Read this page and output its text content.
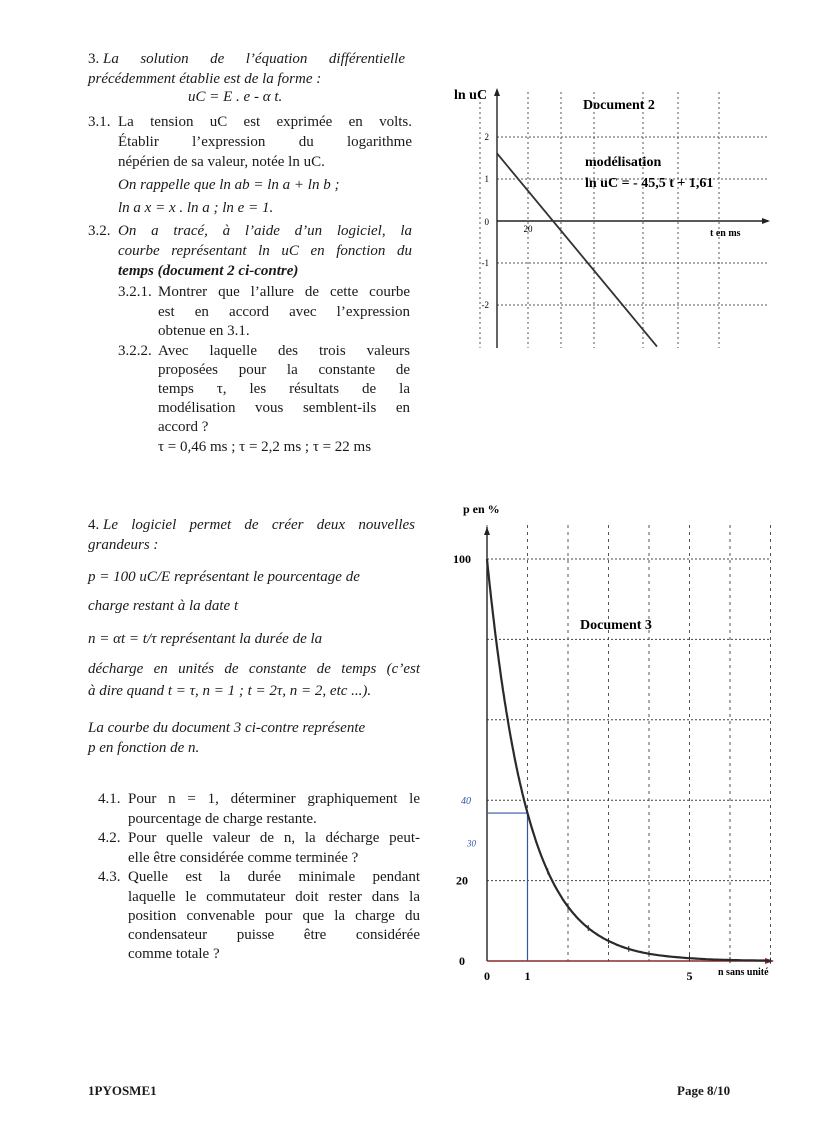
3. La solution de l’équation différentielle
précédemment établie est de la forme :
uC = E . e - α t.
3.1. La tension uC est exprimée en volts.
Établir l’expression du logarithme
népérien de sa valeur, notée ln uC.
On rappelle que ln ab = ln a + ln b ;
ln a x = x . ln a ; ln e = 1.
3.2. On a tracé, à l’aide d’un logiciel, la
courbe représentant ln uC en fonction du
temps (document 2 ci-contre)
3.2.1. Montrer que l’allure de cette courbe
est en accord avec l’expression
obtenue en 3.1.
3.2.2. Avec laquelle des trois valeurs
proposées pour la constante de
temps τ, les résultats de la
modélisation vous semblent-ils en
accord ?
τ = 0,46 ms ; τ = 2,2 ms ; τ = 22 ms
2
1
0
-1
-2
20
ln uC
t en ms
Document 2
modélisation
ln uC = - 45,5 t + 1,61
4. Le logiciel permet de créer deux nouvelles
grandeurs :
p = 100 uC/E représentant le pourcentage de
charge restant à la date t
n = αt = t/τ représentant la durée de la
décharge en unités de constante de temps (c’est
à dire quand t = τ, n = 1 ; t = 2τ, n = 2, etc ...).
La courbe du document 3 ci-contre représente
p en fonction de n.
4.1. Pour n = 1, déterminer graphiquement le
pourcentage de charge restante.
4.2. Pour quelle valeur de n, la décharge peut-
elle être considérée comme terminée ?
4.3. Quelle est la durée minimale pendant
laquelle le commutateur doit rester dans la
position convenable pour que la charge du
condensateur puisse être considérée
comme totale ?
100
20
0
0	1	5
p en %
n sans unité
Document 3
40
30
1PYOSME1	Page 8/10
